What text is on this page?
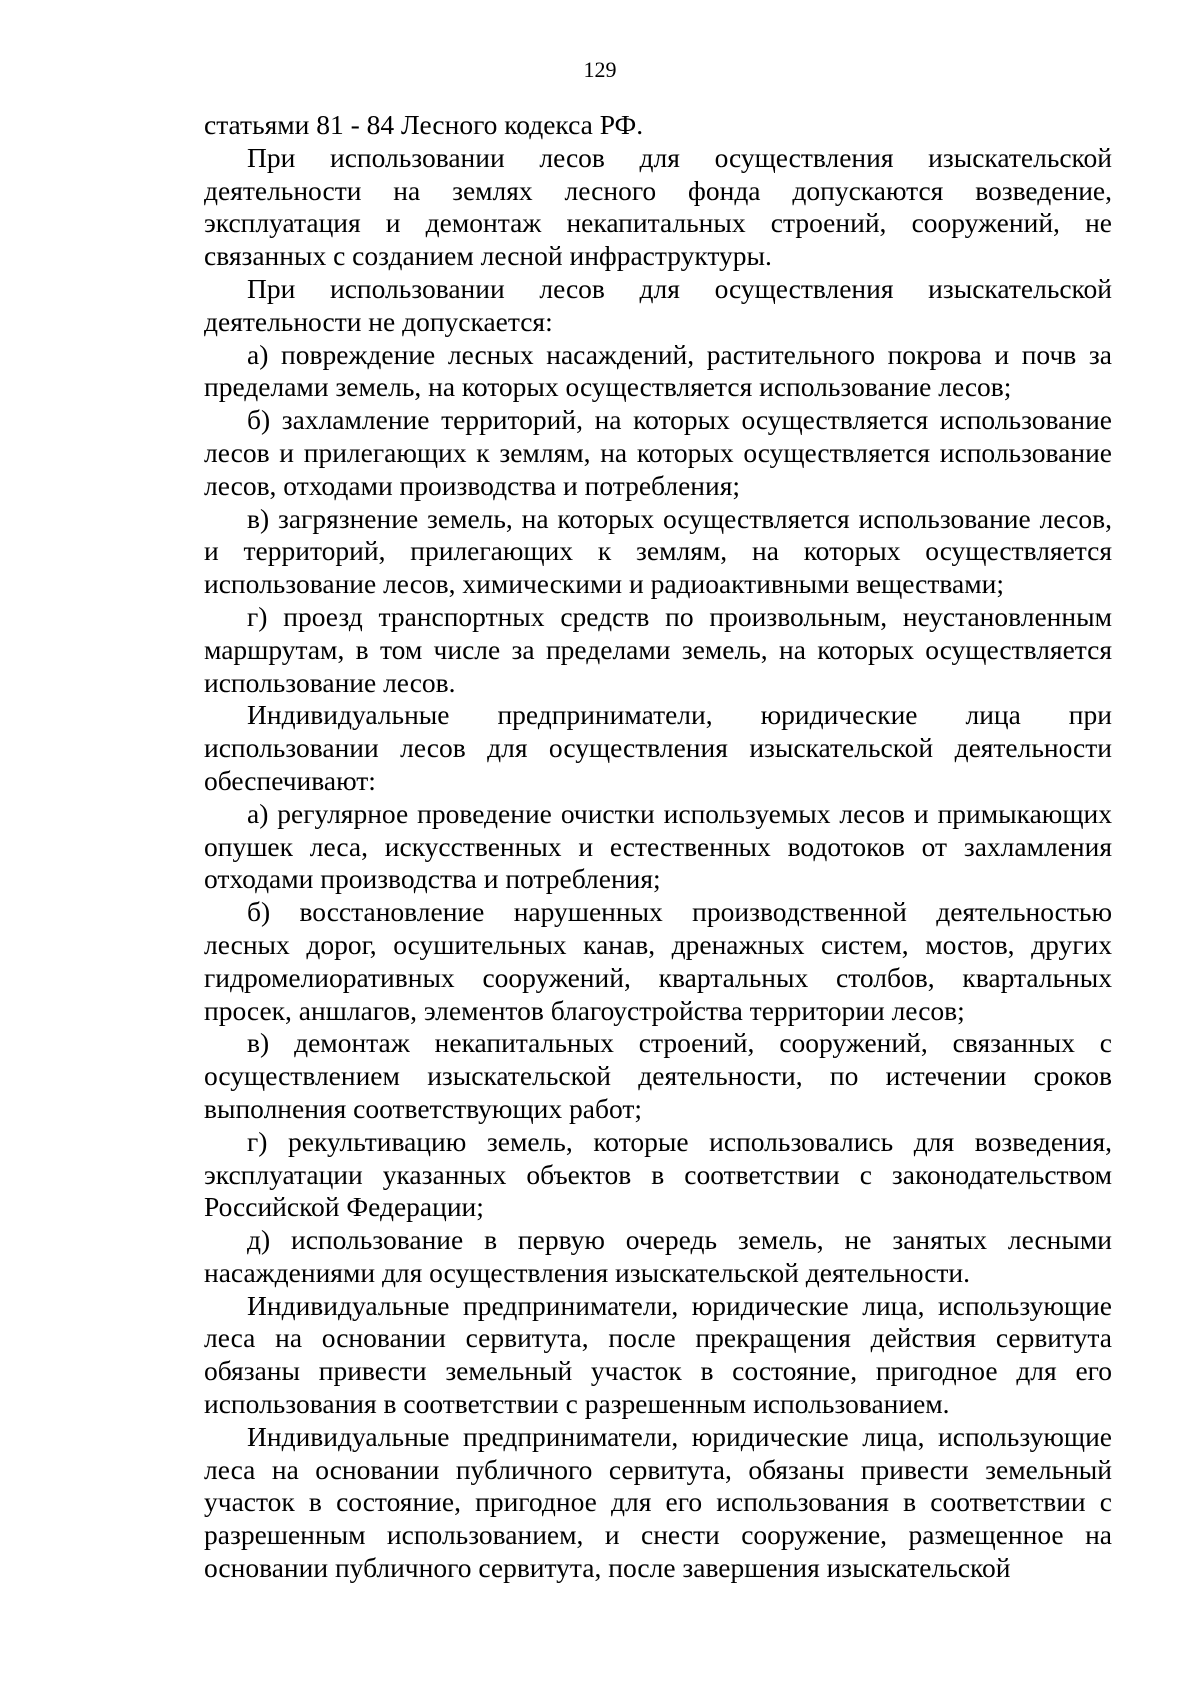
129

статьями 81 - 84 Лесного кодекса РФ.

При использовании лесов для осуществления изыскательской деятельности на землях лесного фонда допускаются возведение, эксплуатация и демонтаж некапитальных строений, сооружений, не связанных с созданием лесной инфраструктуры.

При использовании лесов для осуществления изыскательской деятельности не допускается:

а) повреждение лесных насаждений, растительного покрова и почв за пределами земель, на которых осуществляется использование лесов;

б) захламление территорий, на которых осуществляется использование лесов и прилегающих к землям, на которых осуществляется использование лесов, отходами производства и потребления;

в) загрязнение земель, на которых осуществляется использование лесов, и территорий, прилегающих к землям, на которых осуществляется использование лесов, химическими и радиоактивными веществами;

г) проезд транспортных средств по произвольным, неустановленным маршрутам, в том числе за пределами земель, на которых осуществляется использование лесов.

Индивидуальные предприниматели, юридические лица при использовании лесов для осуществления изыскательской деятельности обеспечивают:

а) регулярное проведение очистки используемых лесов и примыкающих опушек леса, искусственных и естественных водотоков от захламления отходами производства и потребления;

б) восстановление нарушенных производственной деятельностью лесных дорог, осушительных канав, дренажных систем, мостов, других гидромелиоративных сооружений, квартальных столбов, квартальных просек, аншлагов, элементов благоустройства территории лесов;

в) демонтаж некапитальных строений, сооружений, связанных с осуществлением изыскательской деятельности, по истечении сроков выполнения соответствующих работ;

г) рекультивацию земель, которые использовались для возведения, эксплуатации указанных объектов в соответствии с законодательством Российской Федерации;

д) использование в первую очередь земель, не занятых лесными насаждениями для осуществления изыскательской деятельности.

Индивидуальные предприниматели, юридические лица, использующие леса на основании сервитута, после прекращения действия сервитута обязаны привести земельный участок в состояние, пригодное для его использования в соответствии с разрешенным использованием.

Индивидуальные предприниматели, юридические лица, использующие леса на основании публичного сервитута, обязаны привести земельный участок в состояние, пригодное для его использования в соответствии с разрешенным использованием, и снести сооружение, размещенное на основании публичного сервитута, после завершения изыскательской
